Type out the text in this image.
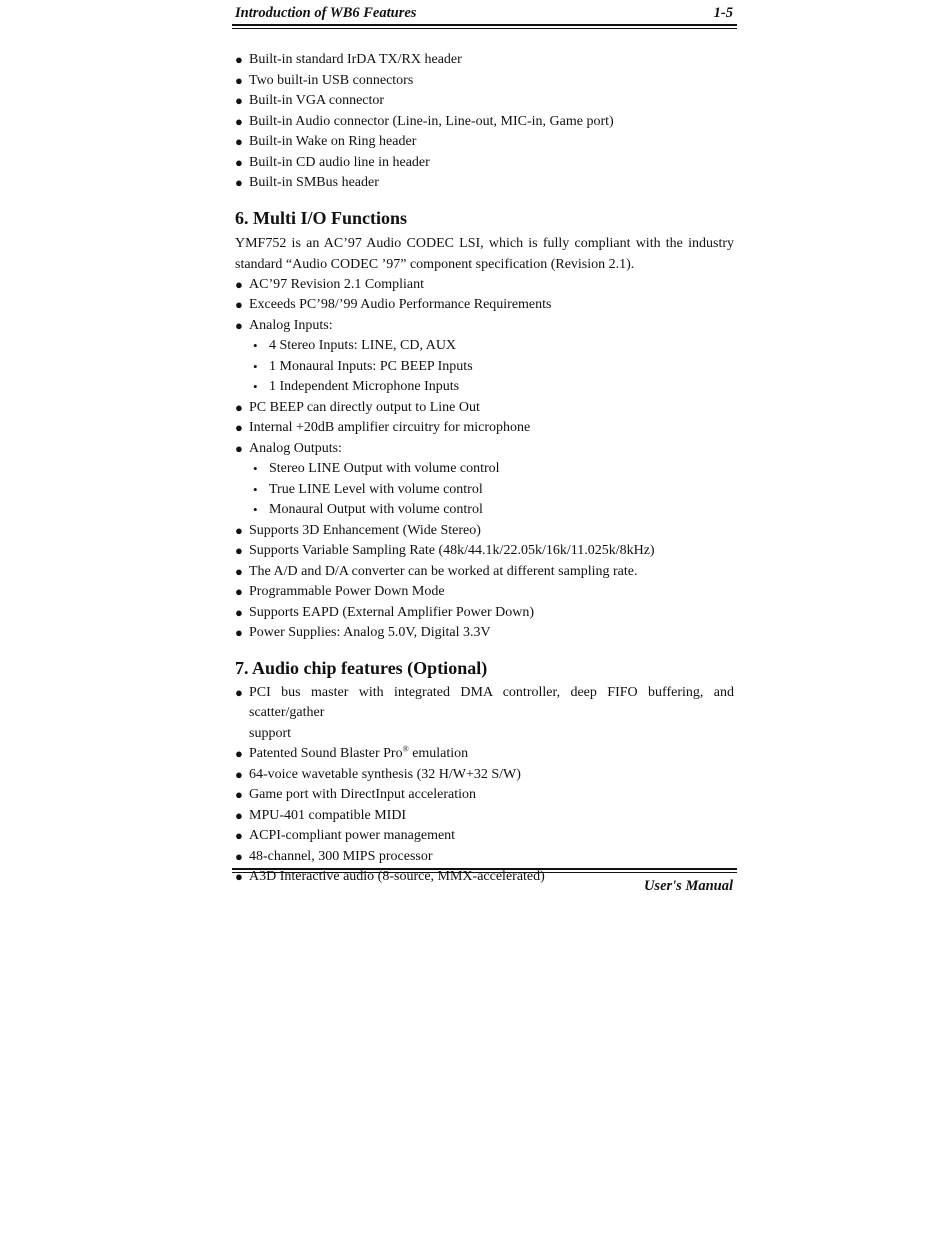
Introduction of WB6 Features	1-5
● Built-in standard IrDA TX/RX header
● Two built-in USB connectors
● Built-in VGA connector
● Built-in Audio connector (Line-in, Line-out, MIC-in, Game port)
● Built-in Wake on Ring header
● Built-in CD audio line in header
● Built-in SMBus header
6. Multi I/O Functions
YMF752 is an AC’97 Audio CODEC LSI, which is fully compliant with the industry standard “Audio CODEC ’97” component specification (Revision 2.1).
● AC’97 Revision 2.1 Compliant
● Exceeds PC’98/’99 Audio Performance Requirements
● Analog Inputs:
• 4 Stereo Inputs: LINE, CD, AUX
• 1 Monaural Inputs: PC BEEP Inputs
• 1 Independent Microphone Inputs
● PC BEEP can directly output to Line Out
● Internal +20dB amplifier circuitry for microphone
● Analog Outputs:
• Stereo LINE Output with volume control
• True LINE Level with volume control
• Monaural Output with volume control
● Supports 3D Enhancement (Wide Stereo)
● Supports Variable Sampling Rate (48k/44.1k/22.05k/16k/11.025k/8kHz)
● The A/D and D/A converter can be worked at different sampling rate.
● Programmable Power Down Mode
● Supports EAPD (External Amplifier Power Down)
● Power Supplies: Analog 5.0V, Digital 3.3V
7. Audio chip features (Optional)
● PCI bus master with integrated DMA controller, deep FIFO buffering, and scatter/gather
support
● Patented Sound Blaster Pro® emulation
● 64-voice wavetable synthesis (32 H/W+32 S/W)
● Game port with DirectInput acceleration
● MPU-401 compatible MIDI
● ACPI-compliant power management
● 48-channel, 300 MIPS processor
● A3D Interactive audio (8-source, MMX-accelerated)
User's Manual
